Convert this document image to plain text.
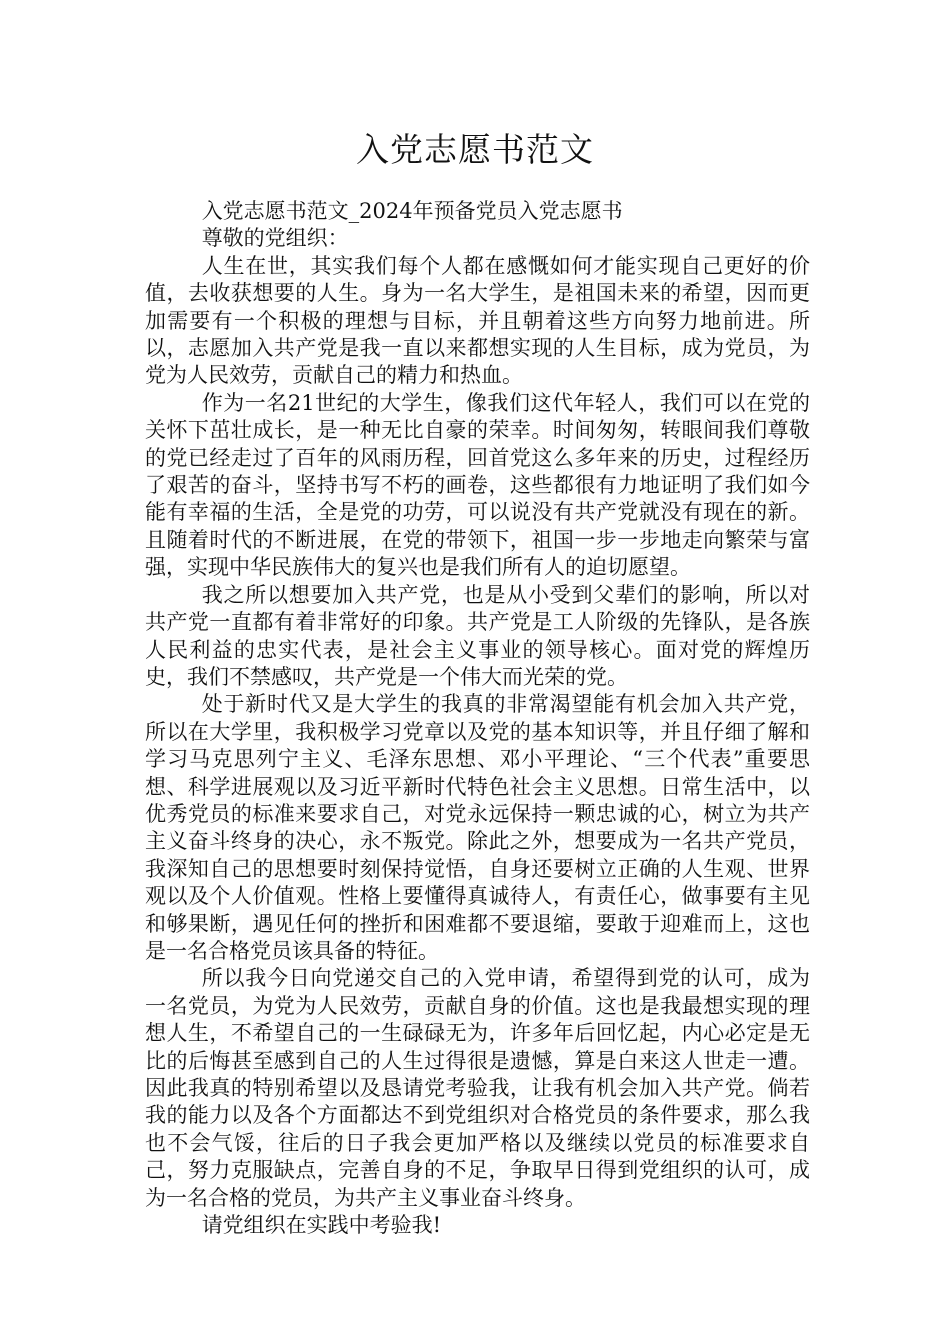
入党志愿书范文

入党志愿书范文_2024年预备党员入党志愿书

尊敬的党组织：

人生在世，其实我们每个人都在感慨如何才能实现自己更好的价值，去收获想要的人生。身为一名大学生，是祖国未来的希望，因而更加需要有一个积极的理想与目标，并且朝着这些方向努力地前进。所以，志愿加入共产党是我一直以来都想实现的人生目标，成为党员，为党为人民效劳，贡献自己的精力和热血。

作为一名21世纪的大学生，像我们这代年轻人，我们可以在党的关怀下茁壮成长，是一种无比自豪的荣幸。时间匆匆，转眼间我们尊敬的党已经走过了百年的风雨历程，回首党这么多年来的历史，过程经历了艰苦的奋斗，坚持书写不朽的画卷，这些都很有力地证明了我们如今能有幸福的生活，全是党的功劳，可以说没有共产党就没有现在的新。且随着时代的不断进展，在党的带领下，祖国一步一步地走向繁荣与富强，实现中华民族伟大的复兴也是我们所有人的迫切愿望。

我之所以想要加入共产党，也是从小受到父辈们的影响，所以对共产党一直都有着非常好的印象。共产党是工人阶级的先锋队，是各族人民利益的忠实代表，是社会主义事业的领导核心。面对党的辉煌历史，我们不禁感叹，共产党是一个伟大而光荣的党。

处于新时代又是大学生的我真的非常渴望能有机会加入共产党，所以在大学里，我积极学习党章以及党的基本知识等，并且仔细了解和学习马克思列宁主义、毛泽东思想、邓小平理论、“三个代表”重要思想、科学进展观以及习近平新时代特色社会主义思想。日常生活中，以优秀党员的标准来要求自己，对党永远保持一颗忠诚的心，树立为共产主义奋斗终身的决心，永不叛党。除此之外，想要成为一名共产党员，我深知自己的思想要时刻保持觉悟，自身还要树立正确的人生观、世界观以及个人价值观。性格上要懂得真诚待人，有责任心，做事要有主见和够果断，遇见任何的挫折和困难都不要退缩，要敢于迎难而上，这也是一名合格党员该具备的特征。

所以我今日向党递交自己的入党申请，希望得到党的认可，成为一名党员，为党为人民效劳，贡献自身的价值。这也是我最想实现的理想人生，不希望自己的一生碌碌无为，许多年后回忆起，内心必定是无比的后悔甚至感到自己的人生过得很是遗憾，算是白来这人世走一遭。因此我真的特别希望以及恳请党考验我，让我有机会加入共产党。倘若我的能力以及各个方面都达不到党组织对合格党员的条件要求，那么我也不会气馁，往后的日子我会更加严格以及继续以党员的标准要求自己，努力克服缺点，完善自身的不足，争取早日得到党组织的认可，成为一名合格的党员，为共产主义事业奋斗终身。

请党组织在实践中考验我!
